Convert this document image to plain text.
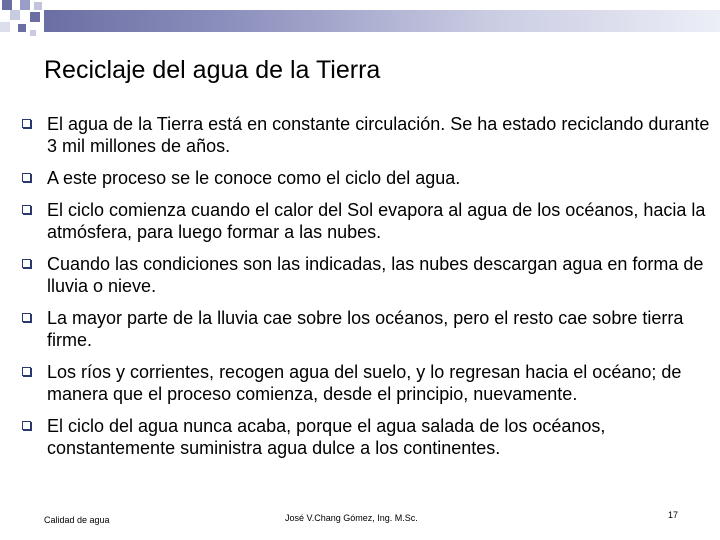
Reciclaje del agua de la Tierra
El agua de la Tierra está en constante circulación. Se ha estado reciclando durante 3 mil millones de años.
A este proceso se le conoce como el ciclo del agua.
El ciclo comienza cuando el calor del Sol evapora al agua de los océanos, hacia la atmósfera, para luego formar a las nubes.
Cuando las condiciones son las indicadas, las nubes descargan agua en forma de lluvia o nieve.
La mayor parte de la lluvia cae sobre los océanos, pero el resto cae sobre tierra firme.
Los ríos y corrientes, recogen agua del suelo, y lo regresan hacia el océano; de manera que el proceso comienza, desde el principio, nuevamente.
El ciclo del agua nunca acaba, porque el agua salada de los océanos, constantemente suministra agua dulce a los continentes.
Calidad de agua	José V.Chang Gómez, Ing. M.Sc.	17
